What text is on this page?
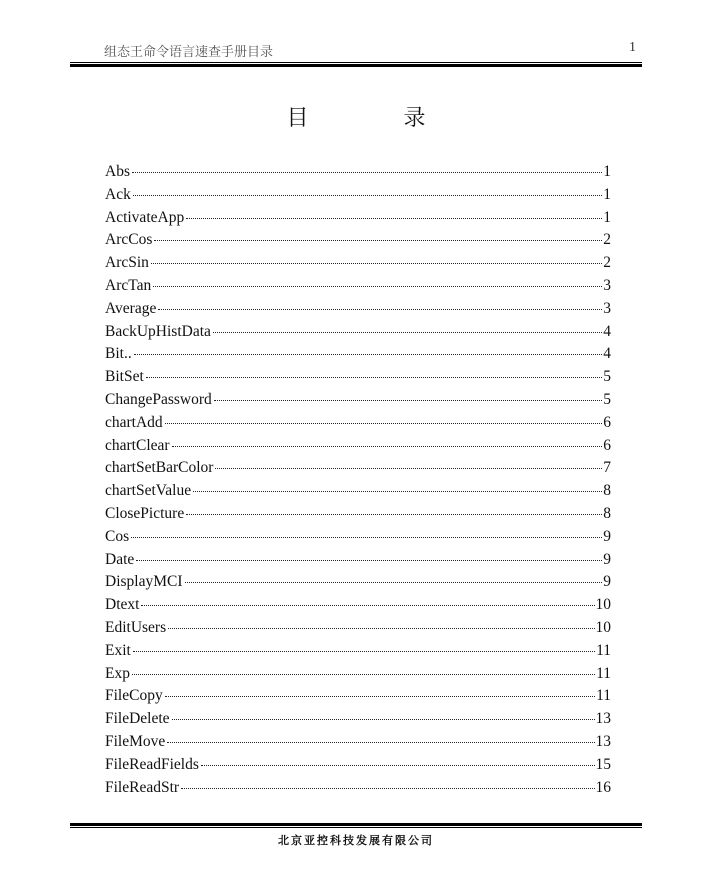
组态王命令语言速查手册目录	1
目 录
Abs	1
Ack	1
ActivateApp	1
ArcCos	2
ArcSin	2
ArcTan	3
Average	3
BackUpHistData	4
Bit..	4
BitSet	5
ChangePassword	5
chartAdd	6
chartClear	6
chartSetBarColor	7
chartSetValue	8
ClosePicture	8
Cos	9
Date	9
DisplayMCI	9
Dtext	10
EditUsers	10
Exit	11
Exp	11
FileCopy	11
FileDelete	13
FileMove	13
FileReadFields	15
FileReadStr	16
北京亚控科技发展有限公司
